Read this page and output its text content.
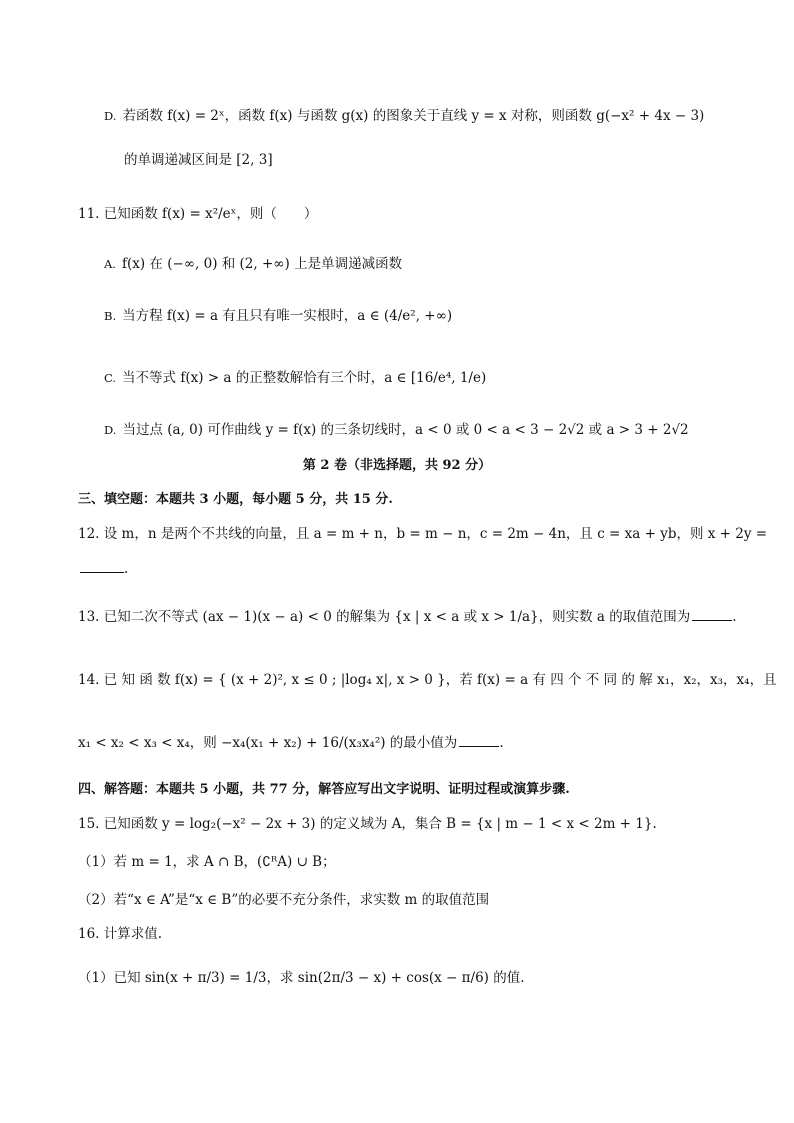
D. 若函数 f(x) = 2ˣ，函数 f(x) 与函数 g(x) 的图象关于直线 y = x 对称，则函数 g(−x² + 4x − 3)
的单调递减区间是 [2, 3]
11. 已知函数 f(x) = x²/eˣ，则（　　）
A. f(x) 在 (−∞, 0) 和 (2, +∞) 上是单调递减函数
B. 当方程 f(x) = a 有且只有唯一实根时，a ∈ (4/e², +∞)
C. 当不等式 f(x) > a 的正整数解恰有三个时，a ∈ [16/e⁴, 1/e)
D. 当过点 (a, 0) 可作曲线 y = f(x) 的三条切线时，a < 0 或 0 < a < 3 − 2√2 或 a > 3 + 2√2
第 2 卷（非选择题，共 92 分）
三、填空题：本题共 3 小题，每小题 5 分，共 15 分.
12. 设 m，n 是两个不共线的向量，且 a = m + n，b = m − n，c = 2m − 4n，且 c = xa + yb，则 x + 2y =
.
13. 已知二次不等式 (ax − 1)(x − a) < 0 的解集为 {x | x < a 或 x > 1/a}，则实数 a 的取值范围为	.
14. 已 知 函 数 f(x) = { (x + 2)², x ≤ 0 ; |log₄ x|, x > 0 }，若 f(x) = a 有 四 个 不 同 的 解 x₁，x₂，x₃，x₄，且
x₁ < x₂ < x₃ < x₄，则 −x₄(x₁ + x₂) + 16/(x₃x₄²) 的最小值为	.
四、解答题：本题共 5 小题，共 77 分，解答应写出文字说明、证明过程或演算步骤.
15. 已知函数 y = log₂(−x² − 2x + 3) 的定义域为 A，集合 B = {x | m − 1 < x < 2m + 1}.
（1）若 m = 1，求 A ∩ B，(∁ᴿA) ∪ B；
（2）若“x ∈ A”是“x ∈ B”的必要不充分条件，求实数 m 的取值范围
16. 计算求值.
（1）已知 sin(x + π/3) = 1/3，求 sin(2π/3 − x) + cos(x − π/6) 的值.
